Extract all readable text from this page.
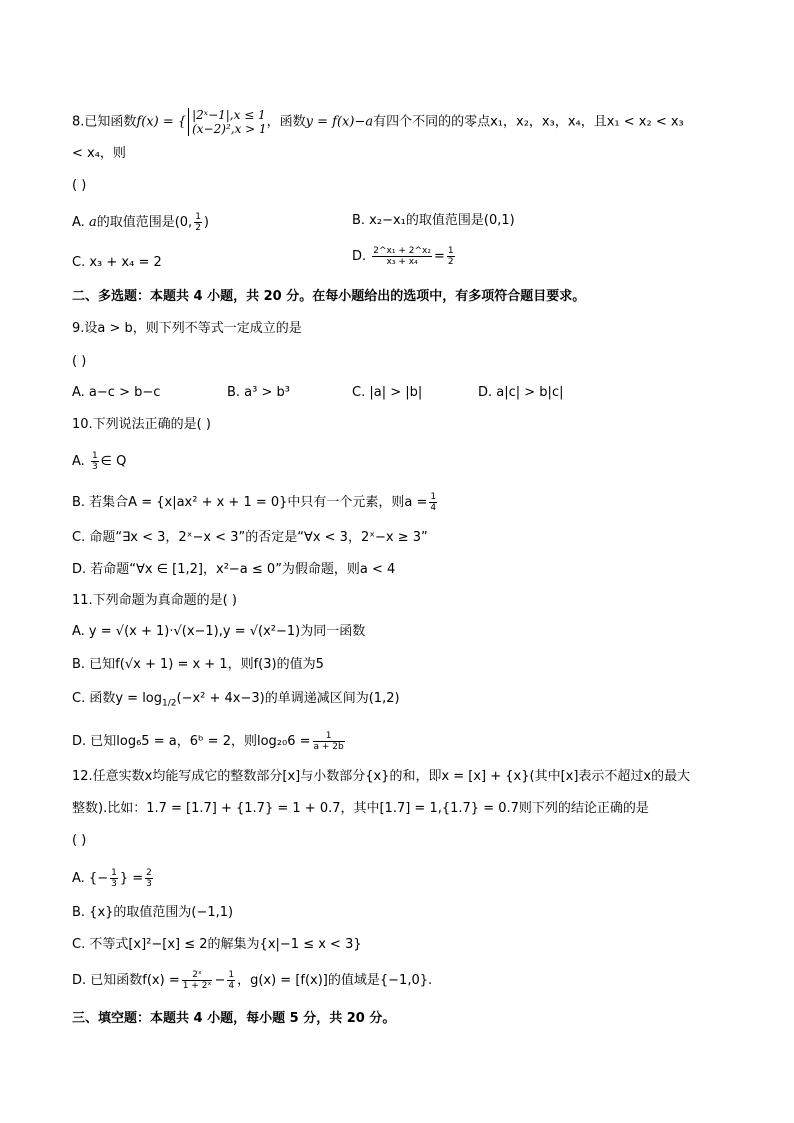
8.已知函数f(x) = { |2ˣ−1|,x ≤ 1
(x−2)²,x > 1 ，函数y = f(x)−a有四个不同的的零点x₁，x₂，x₃，x₄，且x₁ < x₂ < x₃
< x₄，则
( )
A. a的取值范围是(0, $\frac{1}{2}$ )	B. x₂−x₁的取值范围是(0,1)
C. x₃ + x₄ = 2	D. $\frac{\text{2\textasciicircum{}x₁ + 2\textasciicircum{}x₂}}{\text{x₃ + x₄}} = \frac{1}{2}$
二、多选题：本题共 4 小题，共 20 分。在每小题给出的选项中，有多项符合题目要求。
9.设a > b，则下列不等式一定成立的是
( )
A. a−c > b−c	B. a³ > b³	C. |a| > |b|	D. a|c| > b|c|
10.下列说法正确的是( )
A. $\frac{1}{3}$ ∈ Q
B. 若集合A = {x|ax² + x + 1 = 0}中只有一个元素，则$a = \frac{1}{4}$
C. 命题“∃x < 3，2ˣ−x < 3”的否定是“∀x < 3，2ˣ−x ≥ 3”
D. 若命题“∀x ∈ [1,2]，x²−a ≤ 0”为假命题，则a < 4
11.下列命题为真命题的是( )
A. y = √(x + 1)·√(x−1),y = √(x²−1)为同一函数
B. 已知f(√x + 1) = x + 1，则f(3)的值为5
C. 函数$y = \log_{1/2}(-x^2 + 4x-3)$的单调递减区间为(1,2)
D. 已知log₆5 = a，6ᵇ = 2，则$\log_{20}6 = \frac{1}{a + 2b}$
12.任意实数x均能写成它的整数部分[x]与小数部分{x}的和，即x = [x] + {x}(其中[x]表示不超过x的最大
整数).比如：1.7 = [1.7] + {1.7} = 1 + 0.7，其中[1.7] = 1,{1.7} = 0.7则下列的结论正确的是
( )
A. {− $\frac{1}{3}$ } = $\frac{2}{3}$
B. {x}的取值范围为(−1,1)
C. 不等式[x]²−[x] ≤ 2的解集为{x|−1 ≤ x < 3}
D. 已知函数$f(x) = \frac{\text{2ˣ}}{\text{1 + 2ˣ}} - \frac{1}{4}$ ，g(x) = [f(x)]的值域是{−1,0}.
三、填空题：本题共 4 小题，每小题 5 分，共 20 分。
